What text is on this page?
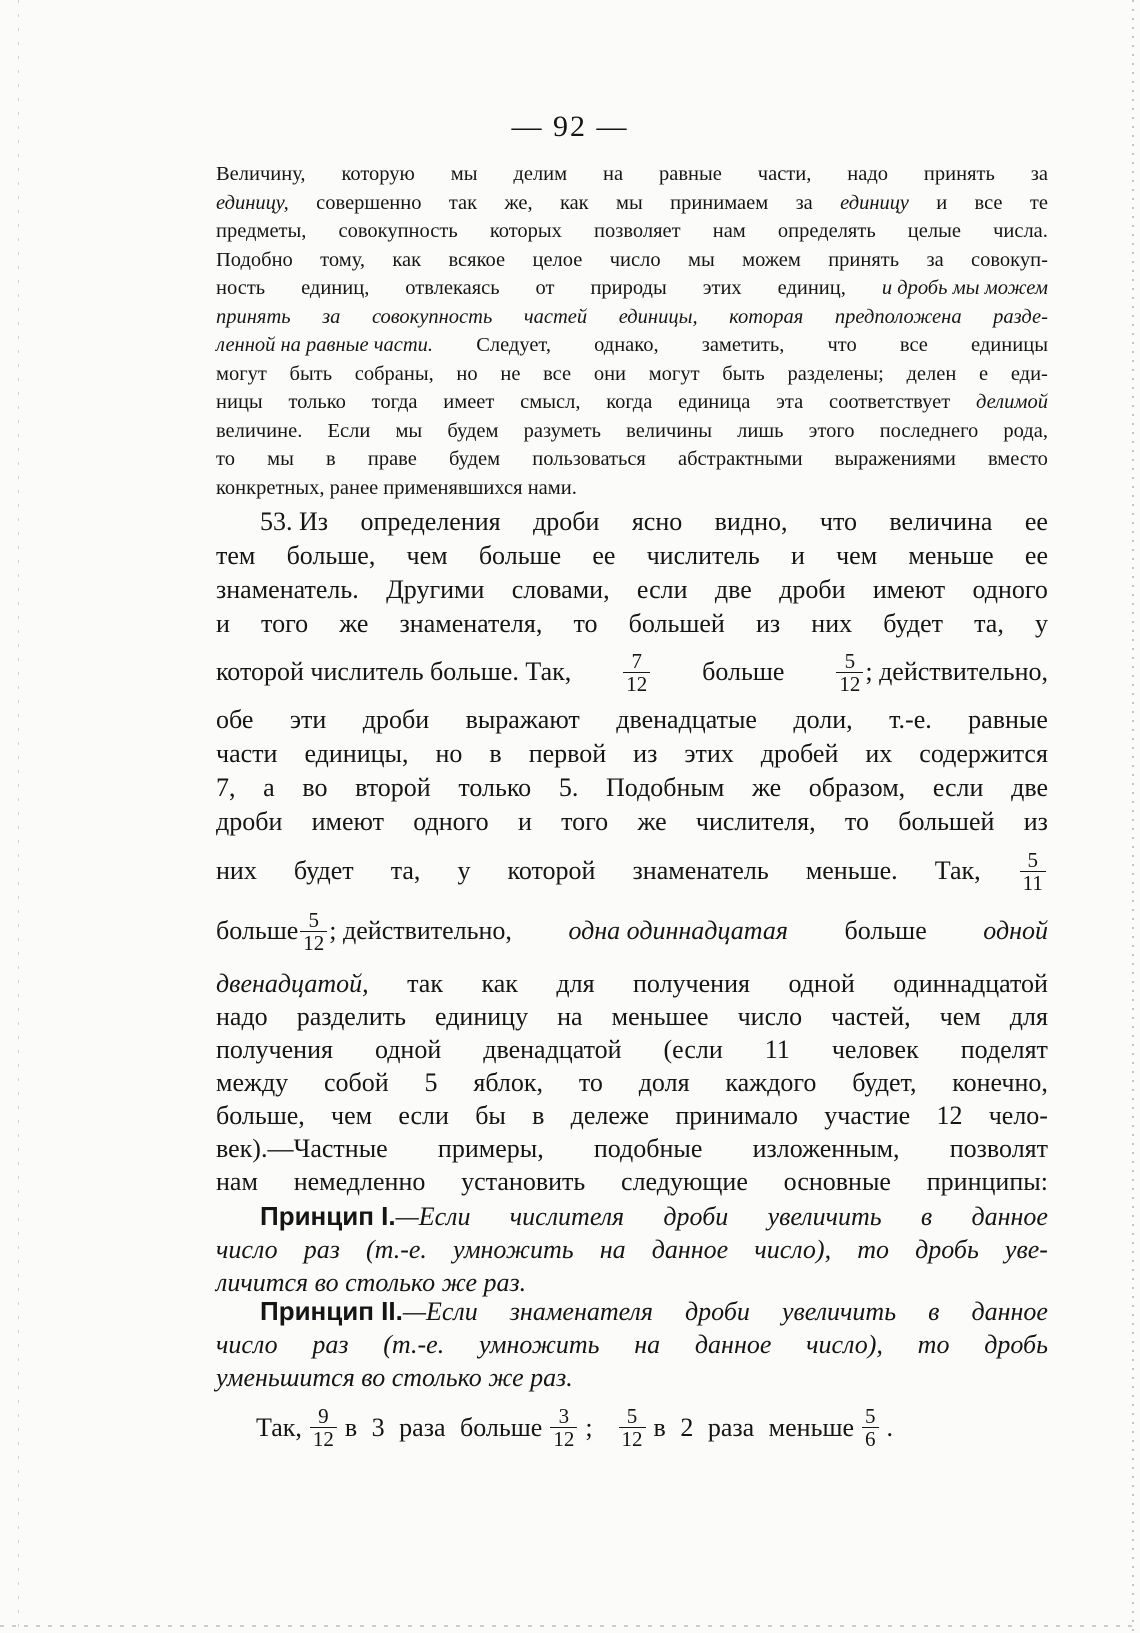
— 92 —
Величину, которую мы делим на равные части, надо принять за
единицу, совершенно так же, как мы принимаем за единицу и все те
предметы, совокупность которых позволяет нам определять целые числа.
Подобно тому, как всякое целое число мы можем принять за совокуп-
ность единиц, отвлекаясь от природы этих единиц, и дробь мы можем
принять за совокупность частей единицы, которая предположена разде-
ленной на равные части. Следует, однако, заметить, что все единицы
могут быть собраны, но не все они могут быть разделены; делен е еди-
ницы только тогда имеет смысл, когда единица эта соответствует делимой
величине. Если мы будем разуметь величины лишь этого последнего рода,
то мы в праве будем пользоваться абстрактными выражениями вместо
конкретных, ранее применявшихся нами.
53. Из определения дроби ясно видно, что величина ее
тем больше, чем больше ее числитель и чем меньше ее
знаменатель. Другими словами, если две дроби имеют одного
и того же знаменателя, то большей из них будет та, у
которой числитель больше. Так, $\frac{7}{12}$ больше $\frac{5}{12}$ ; действительно,
обе эти дроби выражают двенадцатые доли, т.-е. равные
части единицы, но в первой из этих дробей их содержится
7, а во второй только 5. Подобным же образом, если две
дроби имеют одного и того же числителя, то большей из
них будет та, у которой знаменатель меньше. Так, $\frac{5}{11}$
больше $\frac{5}{12}$ ; действительно, одна одиннадцатая больше одной
двенадцатой, так как для получения одной одиннадцатой
надо разделить единицу на меньшее число частей, чем для
получения одной двенадцатой (если 11 человек поделят
между собой 5 яблок, то доля каждого будет, конечно,
больше, чем если бы в дележе принимало участие 12 чело-
век).—Частные примеры, подобные изложенным, позволят
нам немедленно установить следующие основные принципы:
Принцип I. —Если числителя дроби увеличить в данное
число раз (т.-е. умножить на данное число), то дробь уве-
личится во столько же раз.
Принцип II. —Если знаменателя дроби увеличить в данное
число раз (т.-е. умножить на данное число), то дробь
уменьшится во столько же раз.
Так, $\frac{9}{12}$ в 3 раза больше $\frac{3}{12}$ ; $\frac{5}{12}$ в 2 раза меньше $\frac{5}{6}$ .
